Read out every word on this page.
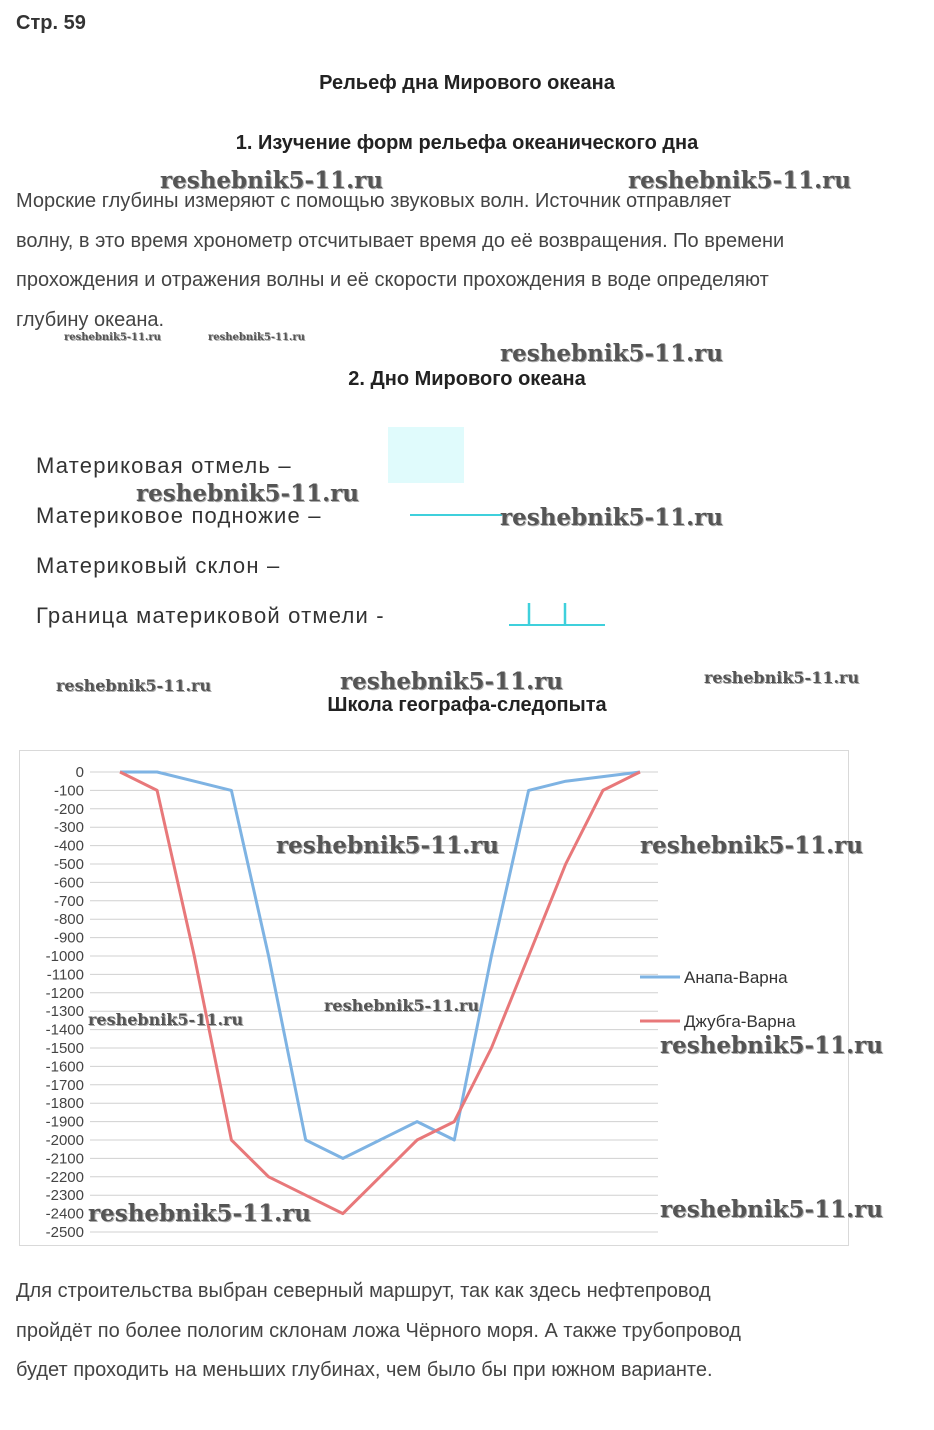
Стр. 59
Рельеф дна Мирового океана
1. Изучение форм рельефа океанического дна
Морские глубины измеряют с помощью звуковых волн. Источник отправляет
волну, в это время хронометр отсчитывает время до её возвращения. По времени
прохождения и отражения волны и её скорости прохождения в воде определяют
глубину океана.
2. Дно Мирового океана
Материковая отмель –
Материковое подножие –
Материковый склон –
Граница материковой отмели -
Школа географа-следопыта
0
-100
-200
-300
-400
-500
-600
-700
-800
-900
-1000
-1100
-1200
-1300
-1400
-1500
-1600
-1700
-1800
-1900
-2000
-2100
-2200
-2300
-2400
-2500
Анапа-Варна
Джубга-Варна
Для строительства выбран северный маршрут, так как здесь нефтепровод
пройдёт по более пологим склонам ложа Чёрного моря. А также трубопровод
будет проходить на меньших глубинах, чем было бы при южном варианте.
reshebnik5-11.ru	reshebnik5-11.ru
reshebnik5-11.ru	reshebnik5-11.ru
reshebnik5-11.ru
reshebnik5-11.ru
reshebnik5-11.ru
reshebnik5-11.ru	reshebnik5-11.ru	reshebnik5-11.ru
reshebnik5-11.ru	reshebnik5-11.ru
reshebnik5-11.ru
reshebnik5-11.ru
reshebnik5-11.ru
reshebnik5-11.ru
reshebnik5-11.ru
